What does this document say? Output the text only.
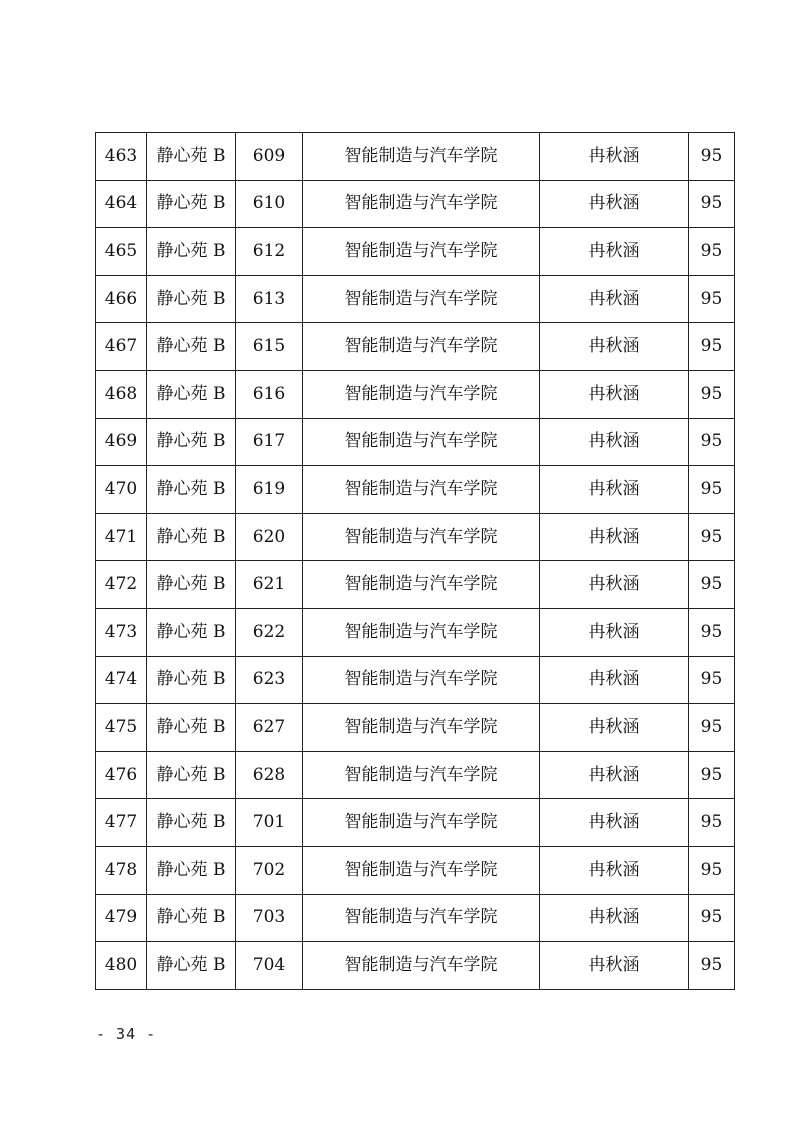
463	静心苑 B	609	智能制造与汽车学院	冉秋涵	95
464	静心苑 B	610	智能制造与汽车学院	冉秋涵	95
465	静心苑 B	612	智能制造与汽车学院	冉秋涵	95
466	静心苑 B	613	智能制造与汽车学院	冉秋涵	95
467	静心苑 B	615	智能制造与汽车学院	冉秋涵	95
468	静心苑 B	616	智能制造与汽车学院	冉秋涵	95
469	静心苑 B	617	智能制造与汽车学院	冉秋涵	95
470	静心苑 B	619	智能制造与汽车学院	冉秋涵	95
471	静心苑 B	620	智能制造与汽车学院	冉秋涵	95
472	静心苑 B	621	智能制造与汽车学院	冉秋涵	95
473	静心苑 B	622	智能制造与汽车学院	冉秋涵	95
474	静心苑 B	623	智能制造与汽车学院	冉秋涵	95
475	静心苑 B	627	智能制造与汽车学院	冉秋涵	95
476	静心苑 B	628	智能制造与汽车学院	冉秋涵	95
477	静心苑 B	701	智能制造与汽车学院	冉秋涵	95
478	静心苑 B	702	智能制造与汽车学院	冉秋涵	95
479	静心苑 B	703	智能制造与汽车学院	冉秋涵	95
480	静心苑 B	704	智能制造与汽车学院	冉秋涵	95
- 34 -
